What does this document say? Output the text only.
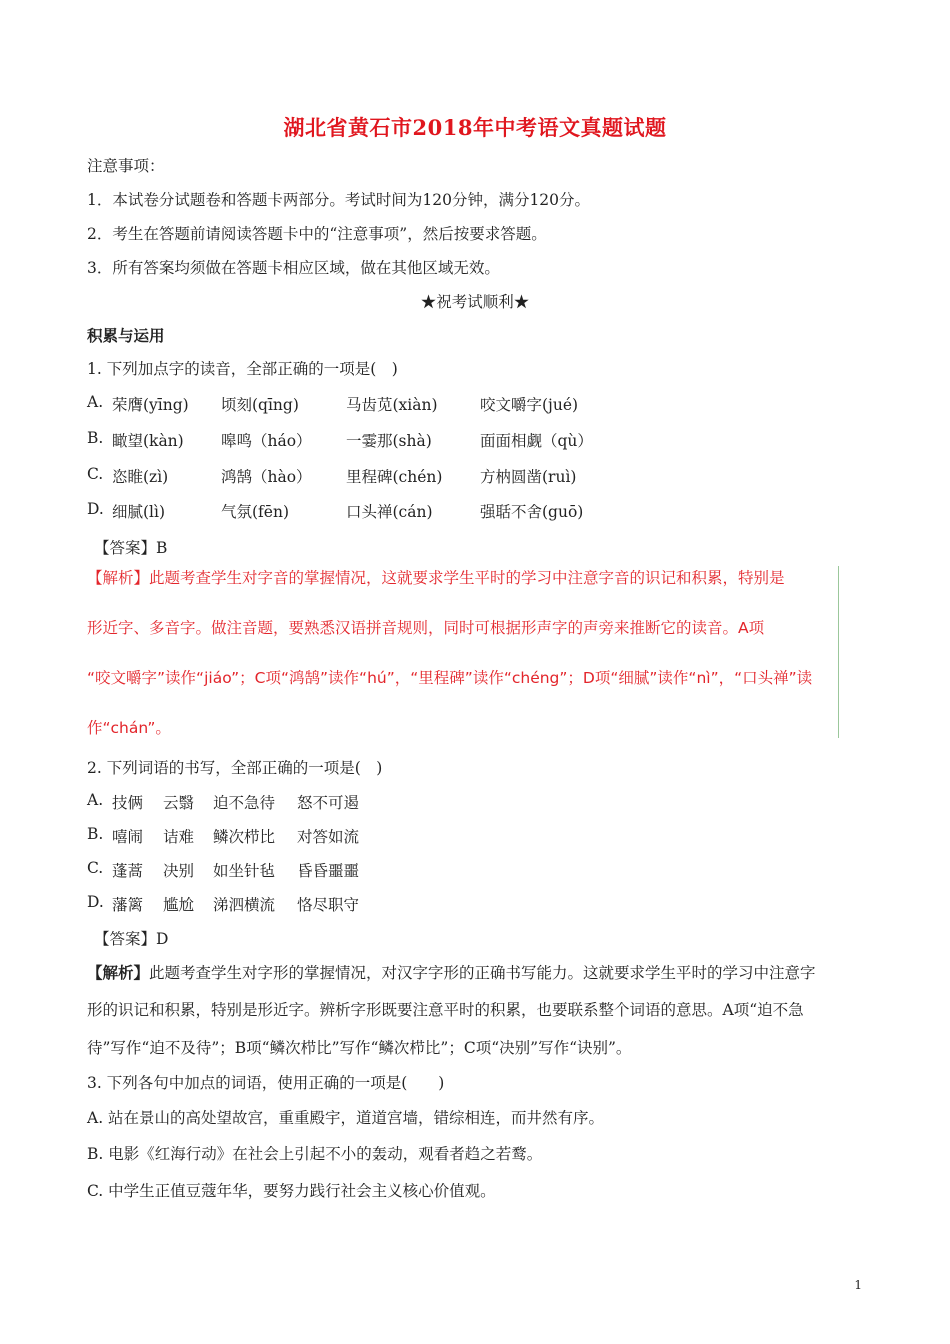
湖北省黄石市2018年中考语文真题试题
注意事项：
1．本试卷分试题卷和答题卡两部分。考试时间为120分钟，满分120分。
2．考生在答题前请阅读答题卡中的“注意事项”，然后按要求答题。
3．所有答案均须做在答题卡相应区域，做在其他区域无效。
★祝考试顺利★
积累与运用
1. 下列加点字的读音，全部正确的一项是(　)
A. 荣膺(yīng) 顷刻(qīng)	马齿苋(xiàn)	咬文嚼字(jué)
B. 瞰望(kàn) 嗥鸣（háo） 一霎那(shà)	面面相觑（qù）
C. 恣睢(zì)	鸿鹄（hào） 里程碑(chén) 方枘圆凿(ruì)
D. 细腻(lì)	气氛(fēn)	口头禅(cán)	强聒不舍(guō)
【答案】B
【解析】此题考查学生对字音的掌握情况，这就要求学生平时的学习中注意字音的识记和积累，特别是
形近字、多音字。做注音题，要熟悉汉语拼音规则，同时可根据形声字的声旁来推断它的读音。A项
“咬文嚼字”读作“jiáo”；C项“鸿鹄”读作“hú”，“里程碑”读作“chéng”；D项“细腻”读作“nì”，“口头禅”读
作“chán”。
2. 下列词语的书写，全部正确的一项是(　)
A. 技俩 云翳 迫不急待 怒不可遏
B. 嘻闹 诘难 鳞次栉比 对答如流
C. 蓬蒿 决别 如坐针毡 昏昏噩噩
D. 藩篱 尴尬 涕泗横流 恪尽职守
【答案】D
【解析】此题考查学生对字形的掌握情况，对汉字字形的正确书写能力。这就要求学生平时的学习中注意字
形的识记和积累，特别是形近字。辨析字形既要注意平时的积累，也要联系整个词语的意思。A项“迫不急
待”写作“迫不及待”；B项“鳞次栉比”写作“鳞次栉比”；C项“决别”写作“诀别”。
3. 下列各句中加点的词语，使用正确的一项是(　　)
A. 站在景山的高处望故宫，重重殿宇，道道宫墙，错综相连，而井然有序。
B. 电影《红海行动》在社会上引起不小的轰动，观看者趋之若鹜。
C. 中学生正值豆蔻年华，要努力践行社会主义核心价值观。
1
